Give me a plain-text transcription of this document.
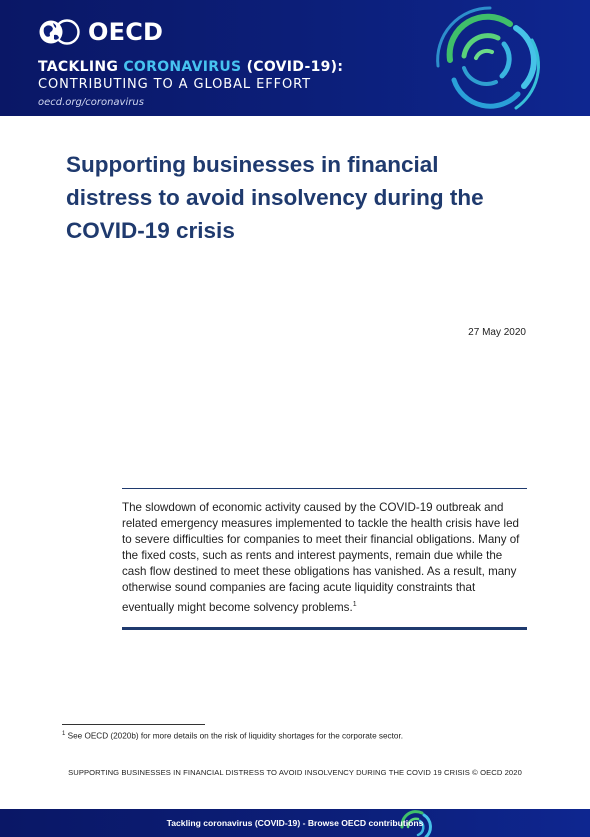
OECD
TACKLING CORONAVIRUS (COVID-19):
CONTRIBUTING TO A GLOBAL EFFORT
oecd.org/coronavirus
Supporting businesses in financial distress to avoid insolvency during the COVID-19 crisis
27 May 2020

The slowdown of economic activity caused by the COVID-19 outbreak and related emergency measures implemented to tackle the health crisis have led to severe difficulties for companies to meet their financial obligations. Many of the fixed costs, such as rents and interest payments, remain due while the cash flow destined to meet these obligations has vanished. As a result, many otherwise sound companies are facing acute liquidity constraints that eventually might become solvency problems.$^1$

$^1$ See OECD (2020b) for more details on the risk of liquidity shortages for the corporate sector.
SUPPORTING BUSINESSES IN FINANCIAL DISTRESS TO AVOID INSOLVENCY DURING THE COVID 19 CRISIS © OECD 2020
Tackling coronavirus (COVID-19) - Browse OECD contributions
